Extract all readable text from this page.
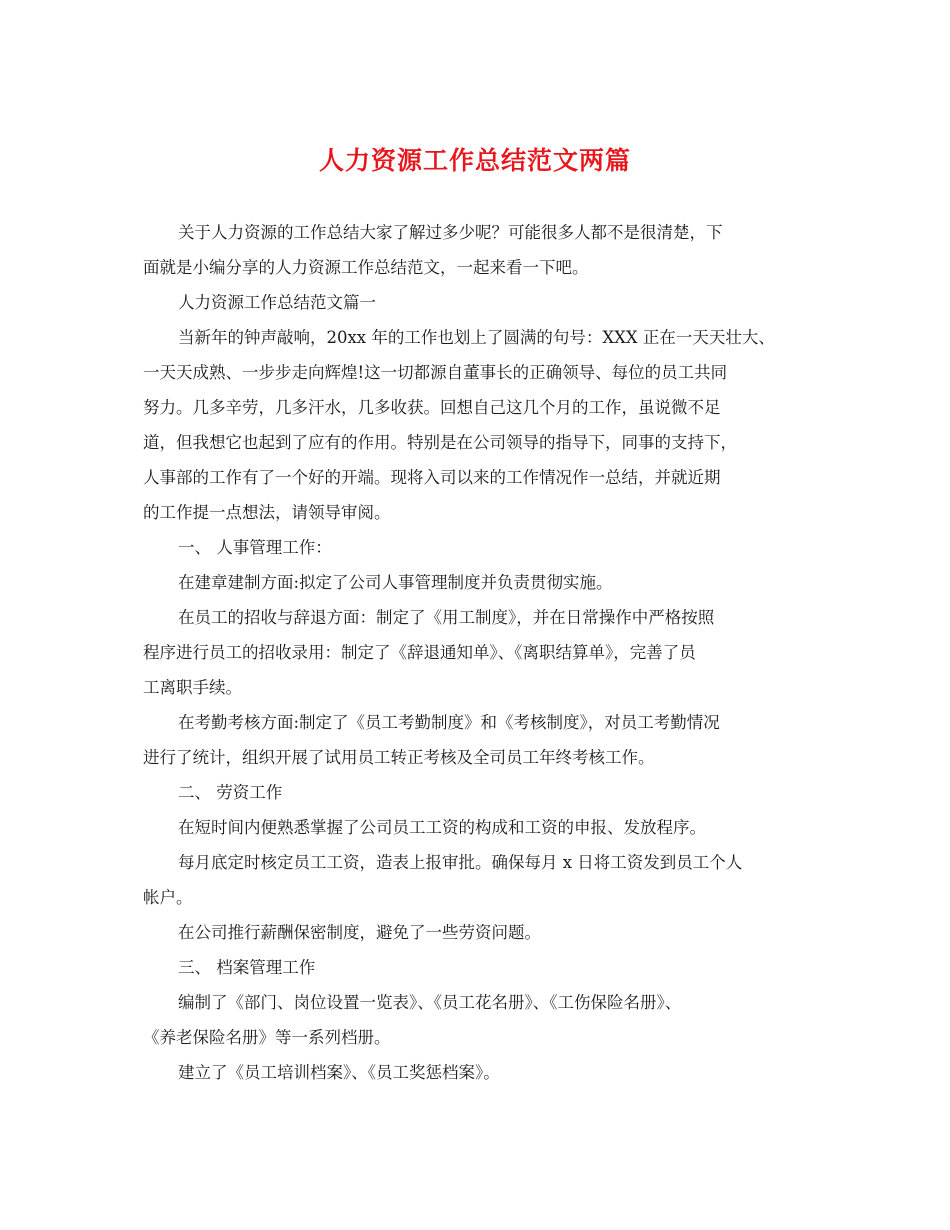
人力资源工作总结范文两篇

关于人力资源的工作总结大家了解过多少呢？可能很多人都不是很清楚，下

面就是小编分享的人力资源工作总结范文，一起来看一下吧。

人力资源工作总结范文篇一

当新年的钟声敲响，20xx 年的工作也划上了圆满的句号：XXX 正在一天天壮大、

一天天成熟、一步步走向辉煌!这一切都源自董事长的正确领导、每位的员工共同

努力。几多辛劳，几多汗水，几多收获。回想自己这几个月的工作，虽说微不足

道，但我想它也起到了应有的作用。特别是在公司领导的指导下，同事的支持下，

人事部的工作有了一个好的开端。现将入司以来的工作情况作一总结，并就近期

的工作提一点想法，请领导审阅。

一、 人事管理工作：

在建章建制方面:拟定了公司人事管理制度并负责贯彻实施。

在员工的招收与辞退方面：制定了《用工制度》，并在日常操作中严格按照

程序进行员工的招收录用：制定了《辞退通知单》、《离职结算单》，完善了员

工离职手续。

在考勤考核方面:制定了《员工考勤制度》和《考核制度》，对员工考勤情况

进行了统计，组织开展了试用员工转正考核及全司员工年终考核工作。

二、 劳资工作

在短时间内便熟悉掌握了公司员工工资的构成和工资的申报、发放程序。

每月底定时核定员工工资，造表上报审批。确保每月 x 日将工资发到员工个人

帐户。

在公司推行薪酬保密制度，避免了一些劳资问题。

三、 档案管理工作

编制了《部门、岗位设置一览表》、《员工花名册》、《工伤保险名册》、

《养老保险名册》等一系列档册。

建立了《员工培训档案》、《员工奖惩档案》。
